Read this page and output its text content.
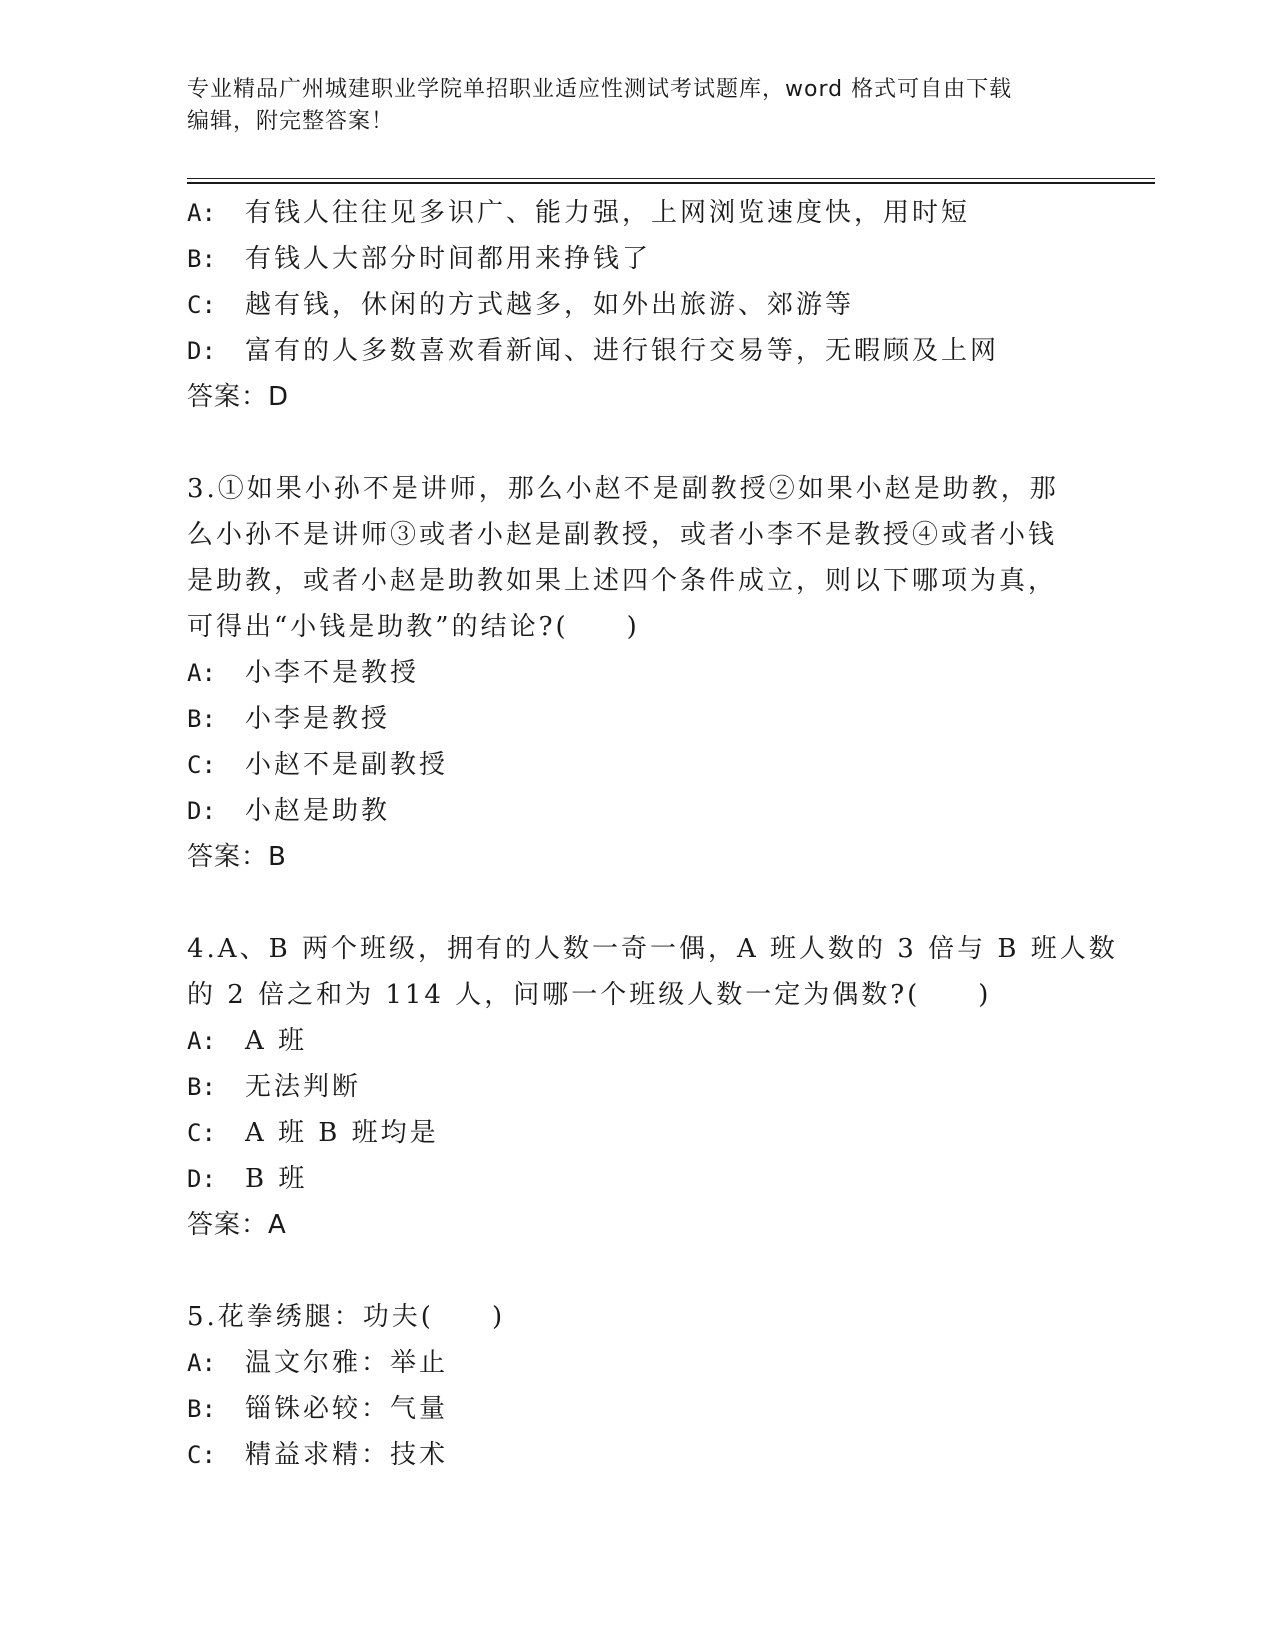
专业精品广州城建职业学院单招职业适应性测试考试题库，word 格式可自由下载
编辑，附完整答案！
A:	有钱人往往见多识广、能力强，上网浏览速度快，用时短
B:	有钱人大部分时间都用来挣钱了
C:	越有钱，休闲的方式越多，如外出旅游、郊游等
D:	富有的人多数喜欢看新闻、进行银行交易等，无暇顾及上网
答案：D
3.①如果小孙不是讲师，那么小赵不是副教授②如果小赵是助教，那
么小孙不是讲师③或者小赵是副教授，或者小李不是教授④或者小钱
是助教，或者小赵是助教如果上述四个条件成立，则以下哪项为真，
可得出“小钱是助教”的结论?(　　)
A:	小李不是教授
B:	小李是教授
C:	小赵不是副教授
D:	小赵是助教
答案：B
4.A、B 两个班级，拥有的人数一奇一偶，A 班人数的 3 倍与 B 班人数
的 2 倍之和为 114 人，问哪一个班级人数一定为偶数?(　　)
A:	A 班
B:	无法判断
C:	A 班 B 班均是
D:	B 班
答案：A
5.花拳绣腿：功夫(　　)
A:	温文尔雅：举止
B:	锱铢必较：气量
C:	精益求精：技术
